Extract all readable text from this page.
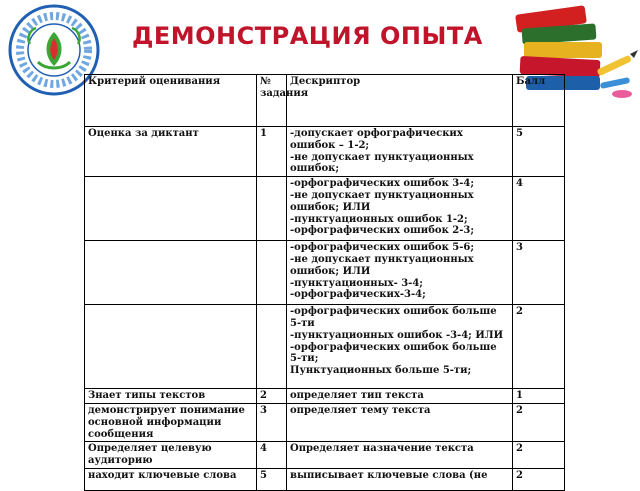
ДЕМОНСТРАЦИЯ ОПЫТА
Критерий оценивания	№ задания	Дескриптор	Балл
Оценка за диктант	1	-допускает орфографических ошибок – 1-2;
-не допускает пунктуационных ошибок;	5
		-орфографических ошибок 3-4;
-не допускает пунктуационных ошибок; ИЛИ
-пунктуационных ошибок 1-2;
-орфографических ошибок 2-3;	4
		-орфографических ошибок 5-6;
-не допускает пунктуационных ошибок; ИЛИ
-пунктуационных- 3-4;
-орфографических-3-4;	3
		-орфографических ошибок больше 5-ти
-пунктуационных ошибок -3-4; ИЛИ
-орфографических ошибок больше 5-ти;
Пунктуационных больше 5-ти;	2
Знает типы текстов	2	определяет тип текста	1
демонстрирует понимание основной информации сообщения	3	определяет тему текста	2
Определяет целевую аудиторию	4	Определяет назначение текста	2
находит ключевые слова	5	выписывает ключевые слова (не	2
